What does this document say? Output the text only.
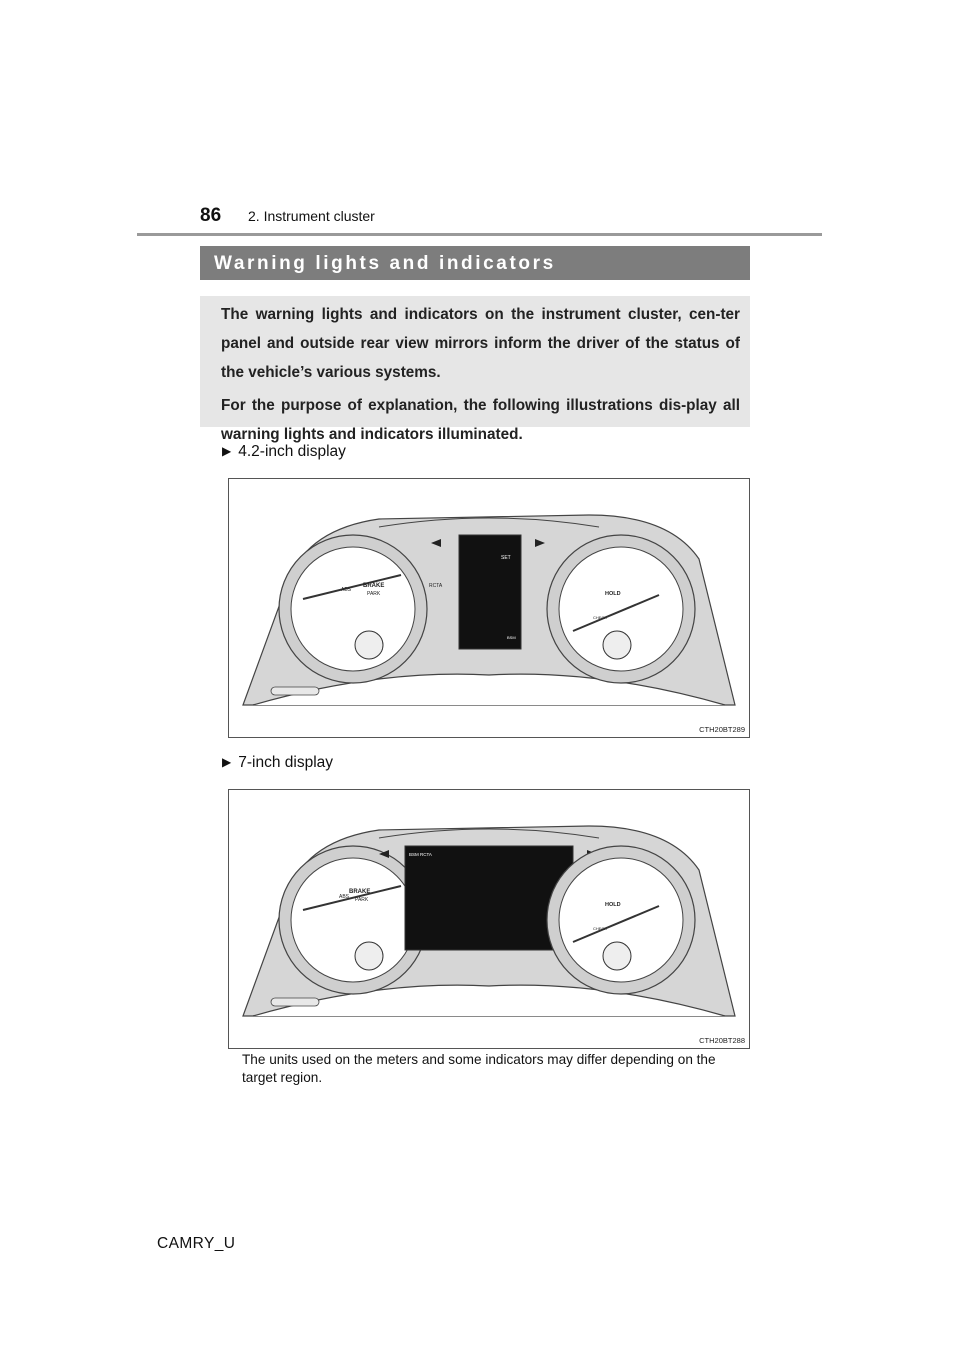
86 2. Instrument cluster
Warning lights and indicators

The warning lights and indicators on the instrument cluster, cen-ter panel and outside rear view mirrors inform the driver of the status of the vehicle’s various systems.

For the purpose of explanation, the following illustrations dis-play all warning lights and indicators illuminated.

▶ 4.2-inch display
BRAKE
PARK
ABS
SET
BSM
RCTA
HOLD
CHECK
CTH20BT289
▶ 7-inch display
BRAKE
PARK
ABS
BSM RCTA
HOLD
CHECK
CTH20BT288
The units used on the meters and some indicators may differ depending on the target region.
CAMRY_U
